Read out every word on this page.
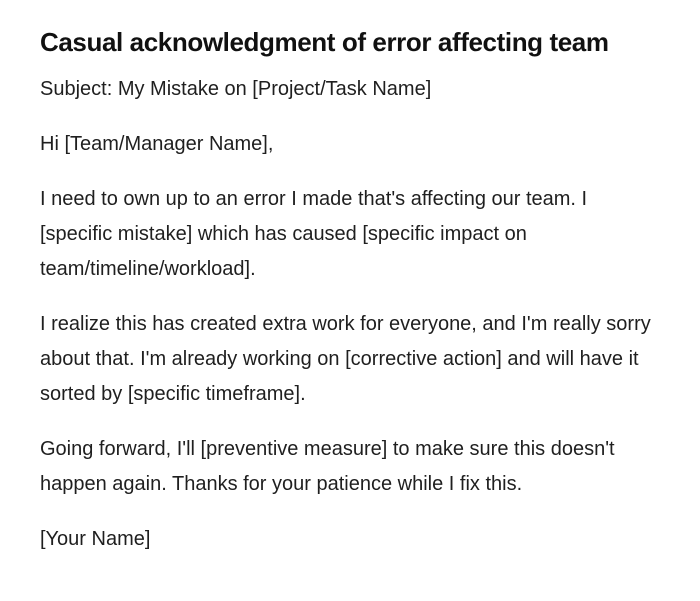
Casual acknowledgment of error affecting team

Subject: My Mistake on [Project/Task Name]

Hi [Team/Manager Name],

I need to own up to an error I made that's affecting our team. I [specific mistake] which has caused [specific impact on team/timeline/workload].

I realize this has created extra work for everyone, and I'm really sorry about that. I'm already working on [corrective action] and will have it sorted by [specific timeframe].

Going forward, I'll [preventive measure] to make sure this doesn't happen again. Thanks for your patience while I fix this.

[Your Name]
